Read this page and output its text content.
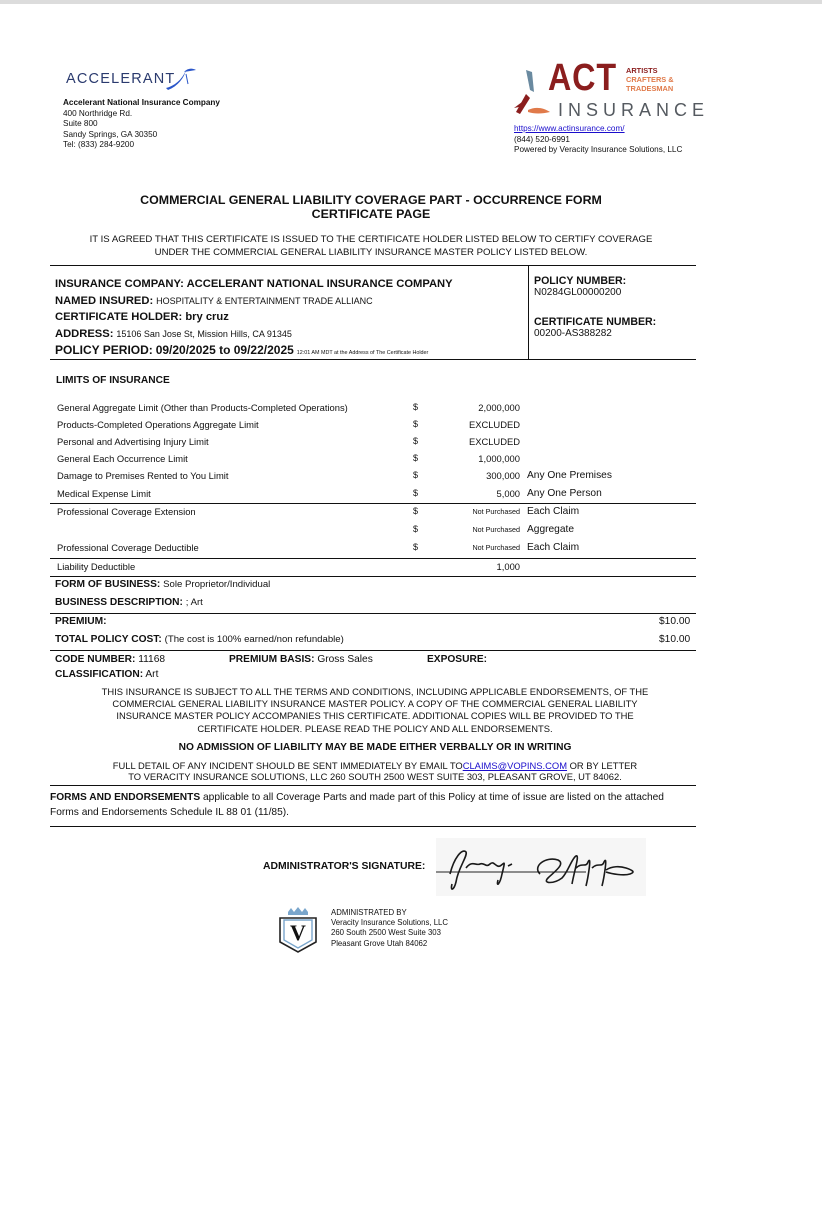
ACCELERANT
Accelerant National Insurance Company
400 Northridge Rd.
Suite 800
Sandy Springs, GA 30350
Tel: (833) 284-9200
ACT ARTISTS
CRAFTERS &
TRADESMAN
INSURANCE
https://www.actinsurance.com/
(844) 520-6991
Powered by Veracity Insurance Solutions, LLC
COMMERCIAL GENERAL LIABILITY COVERAGE PART - OCCURRENCE FORM
CERTIFICATE PAGE
IT IS AGREED THAT THIS CERTIFICATE IS ISSUED TO THE CERTIFICATE HOLDER LISTED BELOW TO CERTIFY COVERAGE
UNDER THE COMMERCIAL GENERAL LIABILITY INSURANCE MASTER POLICY LISTED BELOW.
INSURANCE COMPANY: ACCELERANT NATIONAL INSURANCE COMPANY
NAMED INSURED: HOSPITALITY & ENTERTAINMENT TRADE ALLIANC
CERTIFICATE HOLDER: bry cruz
ADDRESS: 15106 San Jose St, Mission Hills, CA 91345
POLICY PERIOD: 09/20/2025 to 09/22/2025 12:01 AM MDT at the Address of The Certificate Holder
POLICY NUMBER:
N0284GL00000200
CERTIFICATE NUMBER:
00200-AS388282
LIMITS OF INSURANCE
General Aggregate Limit (Other than Products-Completed Operations)	$	2,000,000
Products-Completed Operations Aggregate Limit	$	EXCLUDED
Personal and Advertising Injury Limit	$	EXCLUDED
General Each Occurrence Limit	$	1,000,000
Damage to Premises Rented to You Limit	$	300,000 Any One Premises
Medical Expense Limit	$	5,000 Any One Person
Professional Coverage Extension	$	Not Purchased Each Claim
$	Not Purchased Aggregate
Professional Coverage Deductible	$	Not Purchased Each Claim
Liability Deductible	1,000
FORM OF BUSINESS: Sole Proprietor/Individual
BUSINESS DESCRIPTION: ; Art
PREMIUM:	$10.00
TOTAL POLICY COST: (The cost is 100% earned/non refundable)	$10.00
CODE NUMBER: 11168	PREMIUM BASIS: Gross Sales	EXPOSURE:
CLASSIFICATION: Art
THIS INSURANCE IS SUBJECT TO ALL THE TERMS AND CONDITIONS, INCLUDING APPLICABLE ENDORSEMENTS, OF THE
COMMERCIAL GENERAL LIABILITY INSURANCE MASTER POLICY. A COPY OF THE COMMERCIAL GENERAL LIABILITY
INSURANCE MASTER POLICY ACCOMPANIES THIS CERTIFICATE. ADDITIONAL COPIES WILL BE PROVIDED TO THE
CERTIFICATE HOLDER. PLEASE READ THE POLICY AND ALL ENDORSEMENTS.
NO ADMISSION OF LIABILITY MAY BE MADE EITHER VERBALLY OR IN WRITING
FULL DETAIL OF ANY INCIDENT SHOULD BE SENT IMMEDIATELY BY EMAIL TOCLAIMS@VOPINS.COM OR BY LETTER
TO VERACITY INSURANCE SOLUTIONS, LLC 260 SOUTH 2500 WEST SUITE 303, PLEASANT GROVE, UT 84062.
FORMS AND ENDORSEMENTS applicable to all Coverage Parts and made part of this Policy at time of issue are listed on the attached Forms and Endorsements Schedule IL 88 01 (11/85).
ADMINISTRATOR'S SIGNATURE:
V
ADMINISTRATED BY
Veracity Insurance Solutions, LLC
260 South 2500 West Suite 303
Pleasant Grove Utah 84062
